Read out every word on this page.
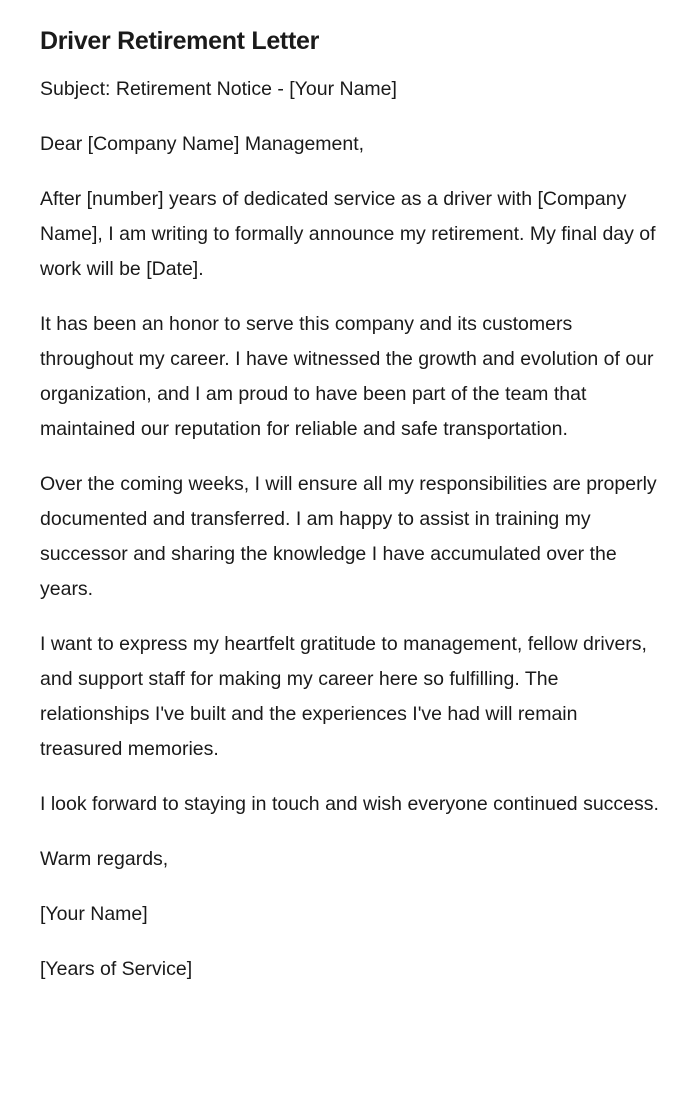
Driver Retirement Letter

Subject: Retirement Notice - [Your Name]

Dear [Company Name] Management,

After [number] years of dedicated service as a driver with [Company Name], I am writing to formally announce my retirement. My final day of work will be [Date].

It has been an honor to serve this company and its customers throughout my career. I have witnessed the growth and evolution of our organization, and I am proud to have been part of the team that maintained our reputation for reliable and safe transportation.

Over the coming weeks, I will ensure all my responsibilities are properly documented and transferred. I am happy to assist in training my successor and sharing the knowledge I have accumulated over the years.

I want to express my heartfelt gratitude to management, fellow drivers, and support staff for making my career here so fulfilling. The relationships I've built and the experiences I've had will remain treasured memories.

I look forward to staying in touch and wish everyone continued success.

Warm regards,

[Your Name]

[Years of Service]
